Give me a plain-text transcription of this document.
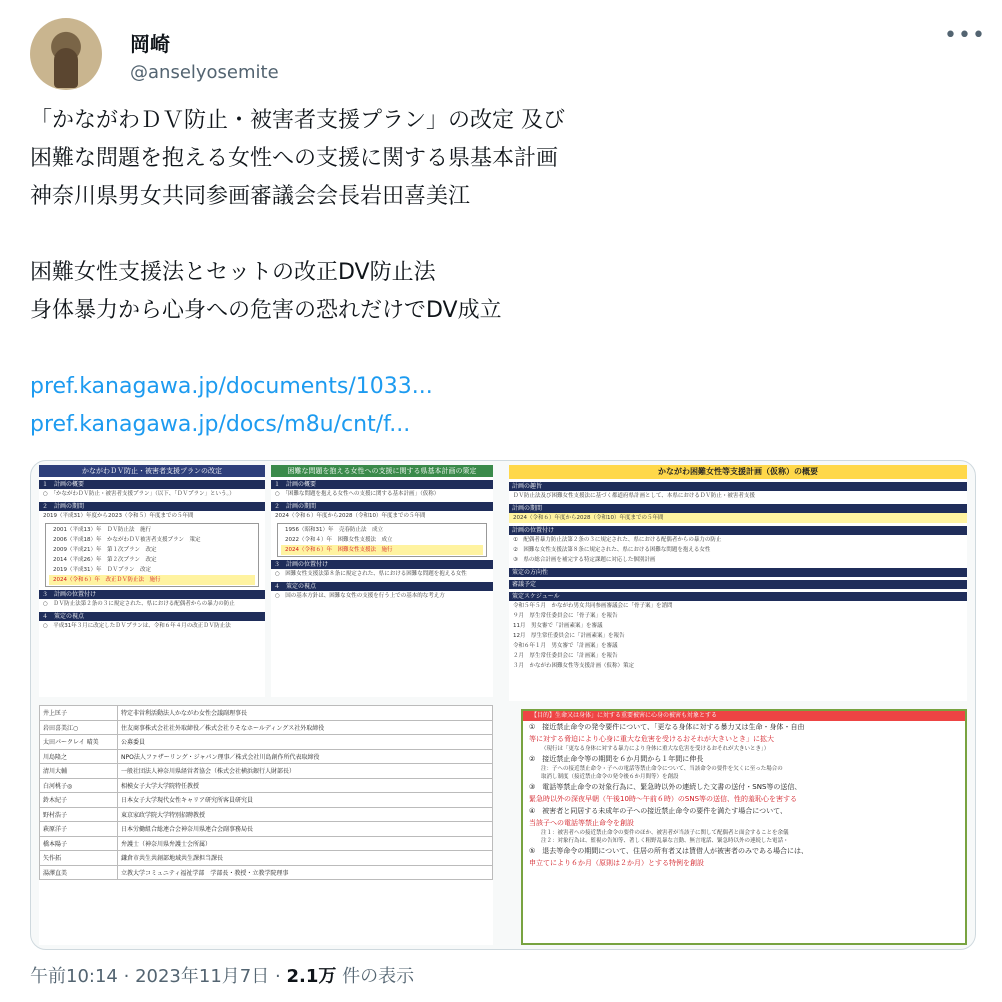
岡崎
@anselyosemite
•••
「かながわＤＶ防止・被害者支援プラン」の改定 及び
困難な問題を抱える女性への支援に関する県基本計画
神奈川県男女共同参画審議会会長岩田喜美江
困難女性支援法とセットの改正DV防止法
身体暴力から心身への危害の恐れだけでDV成立
pref.kanagawa.jp/documents/1033...
pref.kanagawa.jp/docs/m8u/cnt/f...
かながわＤＶ防止・被害者支援プランの改定
１　計画の概要
○　「かながわＤＶ防止・被害者支援プラン」（以下、「ＤＶプラン」という。）
２　計画の期間
2019（平成31）年度から2023（令和５）年度までの５年間
2001（平成13）年　ＤＶ防止法　施行
2006（平成18）年　かながわＤＶ被害者支援プラン　策定
2009（平成21）年　第１次プラン　改定
2014（平成26）年　第２次プラン　改定
2019（平成31）年　ＤＶプラン　改定
2024（令和６）年　改正ＤＶ防止法　施行
３　計画の位置付け
○　ＤＶ防止法第２条の３に規定された、県における配偶者からの暴力の防止
４　策定の視点
○　平成31年３月に改定したＤＶプランは、令和６年４月の改正ＤＶ防止法
困難な問題を抱える女性への支援に関する県基本計画の策定
１　計画の概要
○　「困難な問題を抱える女性への支援に関する基本計画」（仮称）
２　計画の期間
2024（令和６）年度から2028（令和10）年度までの５年間
1956（昭和31）年　売春防止法　成立
2022（令和４）年　困難女性支援法　成立
2024（令和６）年　困難女性支援法　施行
３　計画の位置付け
○　困難女性支援法第８条に規定された、県における困難な問題を抱える女性
４　策定の視点
○　国の基本方針は、困難な女性の支援を行う上での基本的な考え方
かながわ困難女性等支援計画（仮称）の概要
計画の趣旨
ＤＶ防止法及び困難女性支援法に基づく都道府県計画として、本県におけるＤＶ防止・被害者支援
計画の期間
2024（令和６）年度から2028（令和10）年度までの５年間
計画の位置付け
①　配偶者暴力防止法第２条の３に規定された、県における配偶者からの暴力の防止
②　困難な女性支援法第８条に規定された、県における困難な問題を抱える女性
③　県の総合計画を補完する特定課題に対応した個別計画
策定の方向性
審議予定
策定スケジュール
令和５年５月　かながわ男女共同参画審議会に「骨子案」を諮問
９月　厚生常任委員会に「骨子案」を報告
11月　男女審で「計画素案」を審議
12月　厚生常任委員会に「計画素案」を報告
令和６年１月　男女審で「計画案」を審議
２月　厚生常任委員会に「計画案」を報告
３月　かながわ困難女性等支援計画（仮称）策定
井上匡子	特定非営利活動法人かながわ女性会議副理事長
岩田喜美江○	住友商事株式会社社外取締役／株式会社りそなホールディングス社外取締役
太田パークレイ 晴美	公募委員
川島隆之	NPO法人ファザーリング・ジャパン理事／株式会社川島創作所代表取締役
清川大輔	一般社団法人神奈川県経営者協会（株式会社横浜銀行人財部長）
白河桃子◎	相模女子大学大学院特任教授
鈴木紀子	日本女子大学現代女性キャリア研究所客員研究員
野村浩子	東京家政学院大学特別招聘教授
萩原洋子	日本労働組合総連合会神奈川県連合会副事務局長
橋本陽子	弁護士（神奈川県弁護士会所属）
矢作拓	鎌倉市共生共創部地域共生課担当課長
湯澤直美	立教大学コミュニティ福祉学部　学部長・教授・立教学院理事
【目的】生命又は身体」に対する重要被害に心身の被害も対象とする
①　接近禁止命令の発令要件について、「更なる身体に対する暴力又は生命・身体・自由
等に対する脅迫により心身に重大な危害を受けるおそれが大きいとき」に拡大
（現行は「更なる身体に対する暴力により身体に重大な危害を受けるおそれが大きいとき」）
②　接近禁止命令等の期間を６か月間から１年間に伸長
注：子への接近禁止命令・子への電話等禁止命令について、当該命令の要件を欠くに至った場合の
取消し制度（接近禁止命令の発令後６か月間等）を創設
③　電話等禁止命令の対象行為に、緊急時以外の連続した文書の送付・SNS等の送信、
緊急時以外の深夜早朝（午後10時〜午前６時）のSNS等の送信、性的羞恥心を害する
④　被害者と同居する未成年の子への接近禁止命令の要件を満たす場合について、
当該子への電話等禁止命令を創設
注１：被害者への接近禁止命令の要件のほか、被害者が当該子に関して配偶者と面会することを余儀
注２：対象行為は、監視の告知等、著しく粗野乱暴な言動、無言電話、緊急時以外の連続した電話・
⑤　退去等命令の期間について、住居の所有者又は賃借人が被害者のみである場合には、
申立てにより６か月（原則は２か月）とする特例を創設
午前10:14 · 2023年11月7日 · 2.1万 件の表示
